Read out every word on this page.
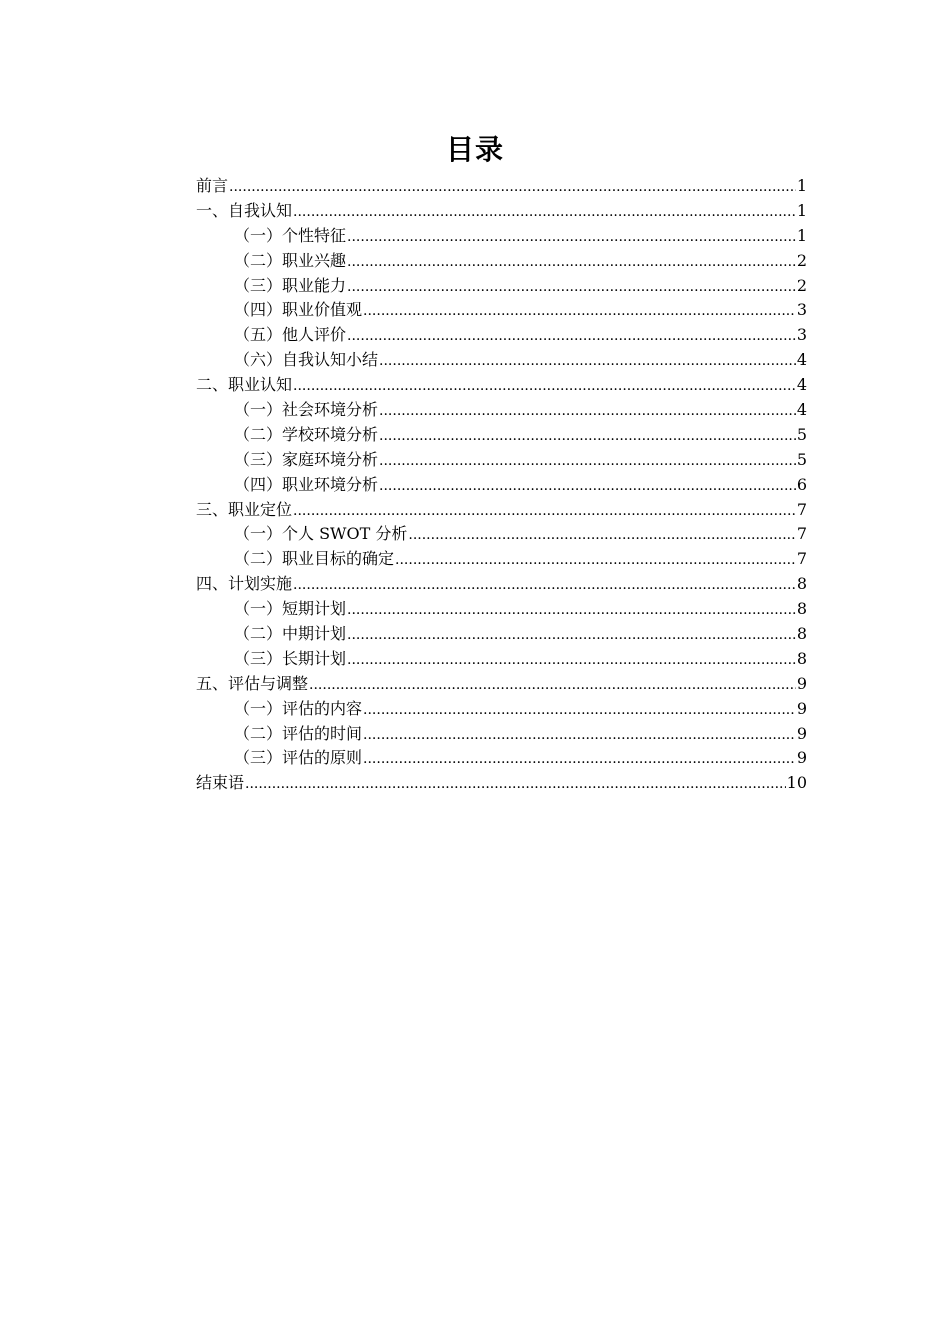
目录
前言 .....	1
一、自我认知 .....	1
（一）个性特征 .....	1
（二）职业兴趣 .....	2
（三）职业能力 .....	2
（四）职业价值观 .....	3
（五）他人评价 .....	3
（六）自我认知小结 .....	4
二、职业认知 .....	4
（一）社会环境分析 .....	4
（二）学校环境分析 .....	5
（三）家庭环境分析 .....	5
（四）职业环境分析 .....	6
三、职业定位 .....	7
（一）个人 SWOT 分析 .....	7
（二）职业目标的确定 .....	7
四、计划实施 .....	8
（一）短期计划 .....	8
（二）中期计划 .....	8
（三）长期计划 .....	8
五、评估与调整 .....	9
（一）评估的内容 .....	9
（二）评估的时间 .....	9
（三）评估的原则 .....	9
结束语 .....	10
